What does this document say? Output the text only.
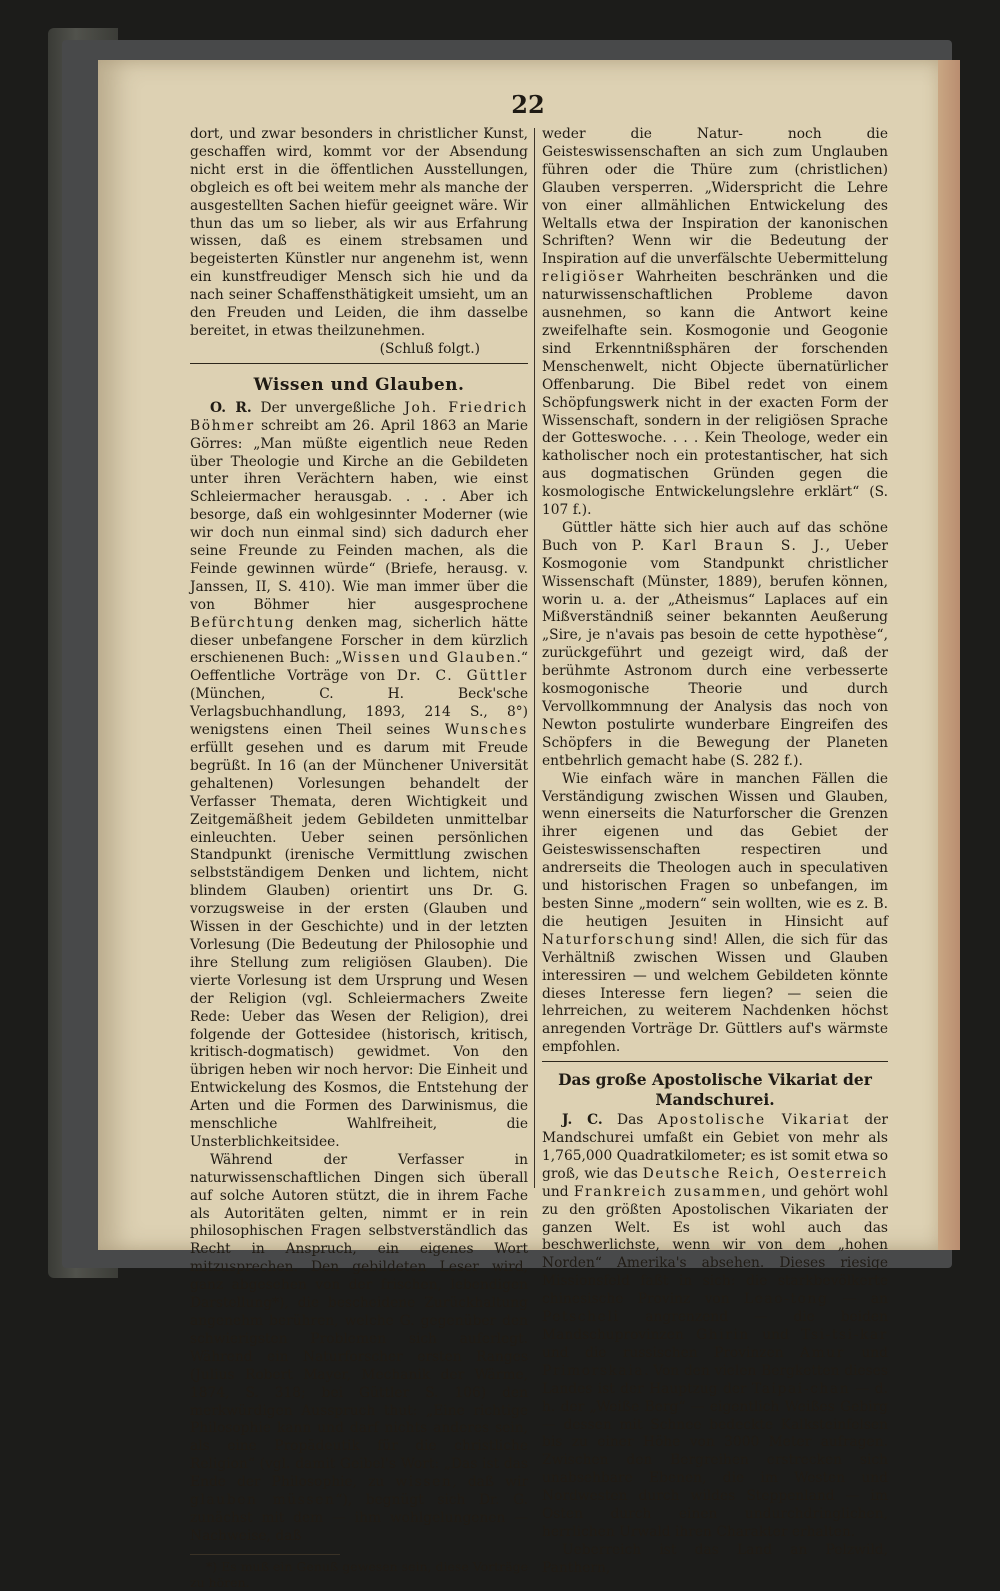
22

dort, und zwar besonders in christlicher Kunst, geschaffen wird, kommt vor der Absendung nicht erst in die öffentlichen Ausstellungen, obgleich es oft bei weitem mehr als manche der ausgestellten Sachen hiefür geeignet wäre. Wir thun das um so lieber, als wir aus Erfahrung wissen, daß es einem strebsamen und begeisterten Künstler nur angenehm ist, wenn ein kunstfreudiger Mensch sich hie und da nach seiner Schaffensthätigkeit umsieht, um an den Freuden und Leiden, die ihm dasselbe bereitet, in etwas theilzunehmen.

(Schluß folgt.)

Wissen und Glauben.

O. R. Der unvergeßliche Joh. Friedrich Böhmer schreibt am 26. April 1863 an Marie Görres: „Man müßte eigentlich neue Reden über Theologie und Kirche an die Gebildeten unter ihren Verächtern haben, wie einst Schleiermacher herausgab. . . . Aber ich besorge, daß ein wohlgesinnter Moderner (wie wir doch nun einmal sind) sich dadurch eher seine Freunde zu Feinden machen, als die Feinde gewinnen würde“ (Briefe, herausg. v. Janssen, II, S. 410). Wie man immer über die von Böhmer hier ausgesprochene Befürchtung denken mag, sicherlich hätte dieser unbefangene Forscher in dem kürzlich erschienenen Buch: „Wissen und Glauben.“ Oeffentliche Vorträge von Dr. C. Güttler (München, C. H. Beck'sche Verlagsbuchhandlung, 1893, 214 S., 8°) wenigstens einen Theil seines Wunsches erfüllt gesehen und es darum mit Freude begrüßt. In 16 (an der Münchener Universität gehaltenen) Vorlesungen behandelt der Verfasser Themata, deren Wichtigkeit und Zeitgemäßheit jedem Gebildeten unmittelbar einleuchten. Ueber seinen persönlichen Standpunkt (irenische Vermittlung zwischen selbstständigem Denken und lichtem, nicht blindem Glauben) orientirt uns Dr. G. vorzugsweise in der ersten (Glauben und Wissen in der Geschichte) und in der letzten Vorlesung (Die Bedeutung der Philosophie und ihre Stellung zum religiösen Glauben). Die vierte Vorlesung ist dem Ursprung und Wesen der Religion (vgl. Schleiermachers Zweite Rede: Ueber das Wesen der Religion), drei folgende der Gottesidee (historisch, kritisch, kritisch-dogmatisch) gewidmet. Von den übrigen heben wir noch hervor: Die Einheit und Entwickelung des Kosmos, die Entstehung der Arten und die Formen des Darwinismus, die menschliche Wahlfreiheit, die Unsterblichkeitsidee.

Während der Verfasser in naturwissenschaftlichen Dingen sich überall auf solche Autoren stützt, die in ihrem Fache als Autoritäten gelten, nimmt er in rein philosophischen Fragen selbstverständlich das Recht in Anspruch, ein eigenes Wort mitzusprechen. Den gebildeten Leser wird, ganz abgesehen von der frischen, lebendigen Darstellung*), die bescheidene Zurückhaltung angenehm berühren, welche G. gegenüber den schwierigsten Problemen sich auferlegt. Während ein Naturforscher ersten Ranges (Julius Robert Mayer, Mechanik der Wärme, 1874, S. 318; bei Güttler S. 106) den merkwürdigen Ausspruch thut: „Eine richtige Philosophie kann und darf nichts anderes sein, als eine Propädeutik für die christliche Religion“ (vgl. damit Geibel's Wort: „Das ist das Ende der Philosophie, zu wissen, daß wir glauben müssen“), begnügt sich Dr. G. zunächst mit dem — ihm wohlgelungenen — Nachweise, daß

*) Es muß ein Genuß gewesen sein, diese Vorträge zu hören.

weder die Natur- noch die Geisteswissenschaften an sich zum Unglauben führen oder die Thüre zum (christlichen) Glauben versperren. „Widerspricht die Lehre von einer allmählichen Entwickelung des Weltalls etwa der Inspiration der kanonischen Schriften? Wenn wir die Bedeutung der Inspiration auf die unverfälschte Uebermittelung religiöser Wahrheiten beschränken und die naturwissenschaftlichen Probleme davon ausnehmen, so kann die Antwort keine zweifelhafte sein. Kosmogonie und Geogonie sind Erkenntnißsphären der forschenden Menschenwelt, nicht Objecte übernatürlicher Offenbarung. Die Bibel redet von einem Schöpfungswerk nicht in der exacten Form der Wissenschaft, sondern in der religiösen Sprache der Gotteswoche. . . . Kein Theologe, weder ein katholischer noch ein protestantischer, hat sich aus dogmatischen Gründen gegen die kosmologische Entwickelungslehre erklärt“ (S. 107 f.).

Güttler hätte sich hier auch auf das schöne Buch von P. Karl Braun S. J., Ueber Kosmogonie vom Standpunkt christlicher Wissenschaft (Münster, 1889), berufen können, worin u. a. der „Atheismus“ Laplaces auf ein Mißverständniß seiner bekannten Aeußerung „Sire, je n'avais pas besoin de cette hypothèse“, zurückgeführt und gezeigt wird, daß der berühmte Astronom durch eine verbesserte kosmogonische Theorie und durch Vervollkommnung der Analysis das noch von Newton postulirte wunderbare Eingreifen des Schöpfers in die Bewegung der Planeten entbehrlich gemacht habe (S. 282 f.).

Wie einfach wäre in manchen Fällen die Verständigung zwischen Wissen und Glauben, wenn einerseits die Naturforscher die Grenzen ihrer eigenen und das Gebiet der Geisteswissenschaften respectiren und andrerseits die Theologen auch in speculativen und historischen Fragen so unbefangen, im besten Sinne „modern“ sein wollten, wie es z. B. die heutigen Jesuiten in Hinsicht auf Naturforschung sind! Allen, die sich für das Verhältniß zwischen Wissen und Glauben interessiren — und welchem Gebildeten könnte dieses Interesse fern liegen? — seien die lehrreichen, zu weiterem Nachdenken höchst anregenden Vorträge Dr. Güttlers auf's wärmste empfohlen.

Das große Apostolische Vikariat der Mandschurei.

J. C. Das Apostolische Vikariat der Mandschurei umfaßt ein Gebiet von mehr als 1,765,000 Quadratkilometer; es ist somit etwa so groß, wie das Deutsche Reich, Oesterreich und Frankreich zusammen, und gehört wohl zu den größten Apostolischen Vikariaten der ganzen Welt. Es ist wohl auch das beschwerlichste, wenn wir von dem „hohen Norden“ Amerika's absehen. Dieses riesige Missionsfeld faßt in sich: die starkbevölkerte chinesische Provinz von Leao-tong — an Petscheli angrenzend — die beiden Mandschuprovinzen Ghirin und Tsi-tsi-kar und die russischen Provinzen Amur und Primorskaia. Von den vielen Bergketten dieses Landes ist der Hauptzug der Taipai-chan — d. h. der „Weiße Berg“ — eigentlich Weißes Gebirg — dessen mit Schnee bedeckte Kalksteinfelsen bis zu einer Höhe von 3000 Meter aufragen. Zwischen den Bergreihen erstrecken sich unabsehbare Ebenen, die im Westen und Nordwesten durch wildes Steppenland — im Osten durch einen undurchdringlichen, herrlichen Urwald ihren Charakter erhalten.

Ueberreich ist das Land an Pelzwild, Panthern,
